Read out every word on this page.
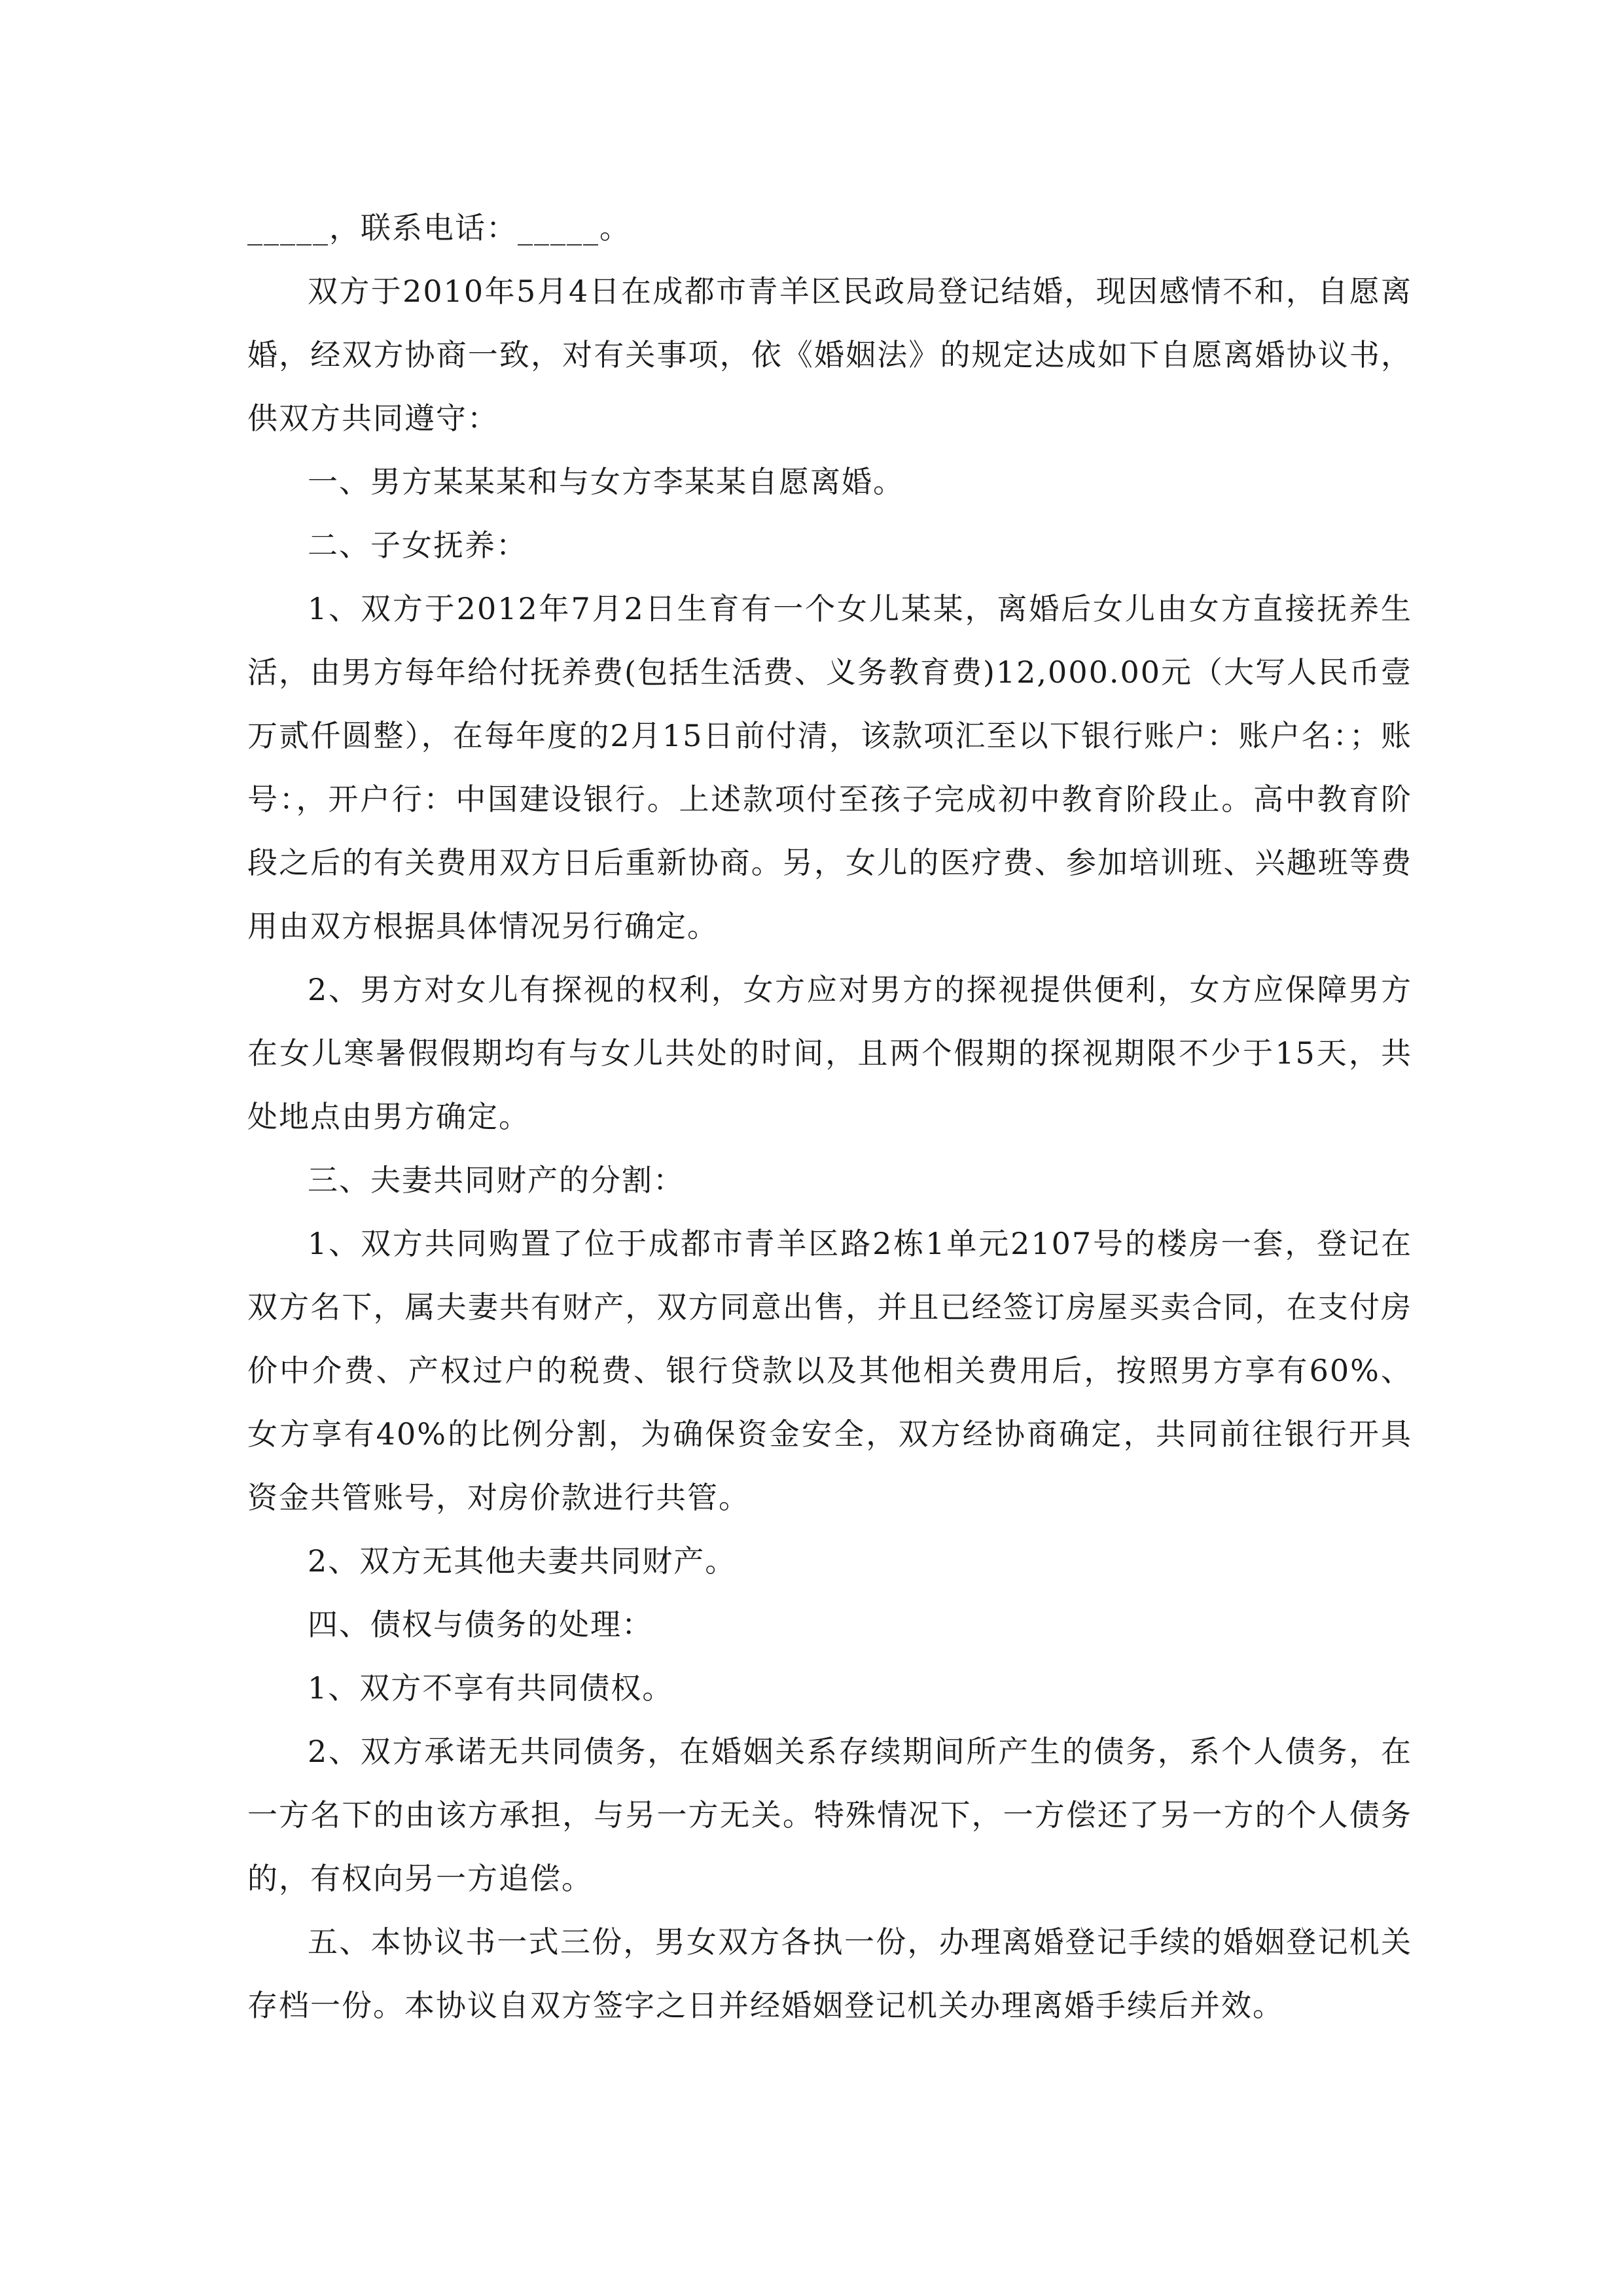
_____，联系电话：_____。

双方于2010年5月4日在成都市青羊区民政局登记结婚，现因感情不和，自愿离婚，经双方协商一致，对有关事项，依《婚姻法》的规定达成如下自愿离婚协议书，供双方共同遵守：

一、男方某某某和与女方李某某自愿离婚。

二、子女抚养：

1、双方于2012年7月2日生育有一个女儿某某，离婚后女儿由女方直接抚养生活，由男方每年给付抚养费(包括生活费、义务教育费)12,000.00元（大写人民币壹万贰仟圆整），在每年度的2月15日前付清，该款项汇至以下银行账户：账户名：；账号：，开户行：中国建设银行。上述款项付至孩子完成初中教育阶段止。高中教育阶段之后的有关费用双方日后重新协商。另，女儿的医疗费、参加培训班、兴趣班等费用由双方根据具体情况另行确定。

2、男方对女儿有探视的权利，女方应对男方的探视提供便利，女方应保障男方在女儿寒暑假假期均有与女儿共处的时间，且两个假期的探视期限不少于15天，共处地点由男方确定。

三、夫妻共同财产的分割：

1、双方共同购置了位于成都市青羊区路2栋1单元2107号的楼房一套，登记在双方名下，属夫妻共有财产，双方同意出售，并且已经签订房屋买卖合同，在支付房价中介费、产权过户的税费、银行贷款以及其他相关费用后，按照男方享有60%、女方享有40%的比例分割，为确保资金安全，双方经协商确定，共同前往银行开具资金共管账号，对房价款进行共管。

2、双方无其他夫妻共同财产。

四、债权与债务的处理：

1、双方不享有共同债权。

2、双方承诺无共同债务，在婚姻关系存续期间所产生的债务，系个人债务，在一方名下的由该方承担，与另一方无关。特殊情况下，一方偿还了另一方的个人债务的，有权向另一方追偿。

五、本协议书一式三份，男女双方各执一份，办理离婚登记手续的婚姻登记机关存档一份。本协议自双方签字之日并经婚姻登记机关办理离婚手续后并效。
